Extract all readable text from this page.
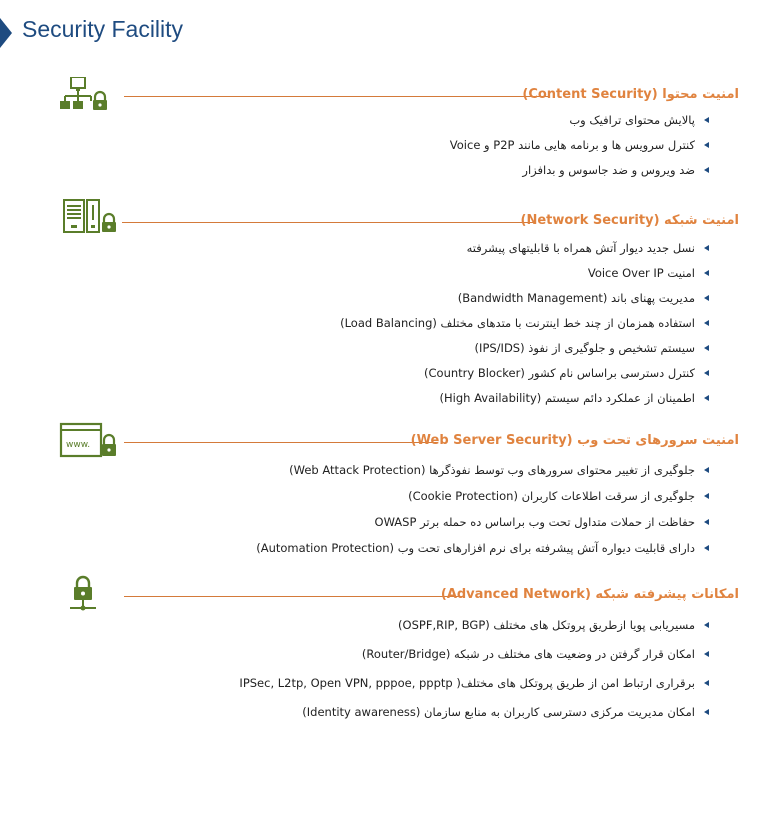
Security Facility
امنیت محتوا (Content Security)
پالایش محتوای ترافیک وب
کنترل سرویس ها و برنامه هایی مانند P2P و Voice
ضد ویروس و ضد جاسوس و بدافزار
امنیت شبکه (Network Security)
نسل جدید دیوار آتش همراه با قابلیتهای پیشرفته
امنیت Voice Over IP
مدیریت پهنای باند (Bandwidth Management)
استفاده همزمان از چند خط اینترنت با متدهای مختلف (Load Balancing)
سیستم تشخیص و جلوگیری از نفوذ (IPS/IDS)
کنترل دسترسی براساس نام کشور (Country Blocker)
اطمینان از عملکرد دائم سیستم (High Availability)
www.	امنیت سرورهای تحت وب (Web Server Security)
جلوگیری از تغییر محتوای سرورهای وب توسط نفوذگرها (Web Attack Protection)
جلوگیری از سرقت اطلاعات کاربران (Cookie Protection)
حفاظت از حملات متداول تحت وب براساس ده حمله برتر OWASP
دارای قابلیت دیواره آتش پیشرفته برای نرم افزارهای تحت وب (Automation Protection)
امکانات پیشرفته شبکه (Advanced Network)
مسیریابی پویا ازطریق پروتکل های مختلف (OSPF,RIP, BGP)
امکان قرار گرفتن در وضعیت های مختلف در شبکه (Router/Bridge)
برقراری ارتباط امن از طریق پروتکل های مختلف( IPSec, L2tp, Open VPN, pppoe, ppptp
امکان مدیریت مرکزی دسترسی کاربران به منابع سازمان (Identity awareness)
